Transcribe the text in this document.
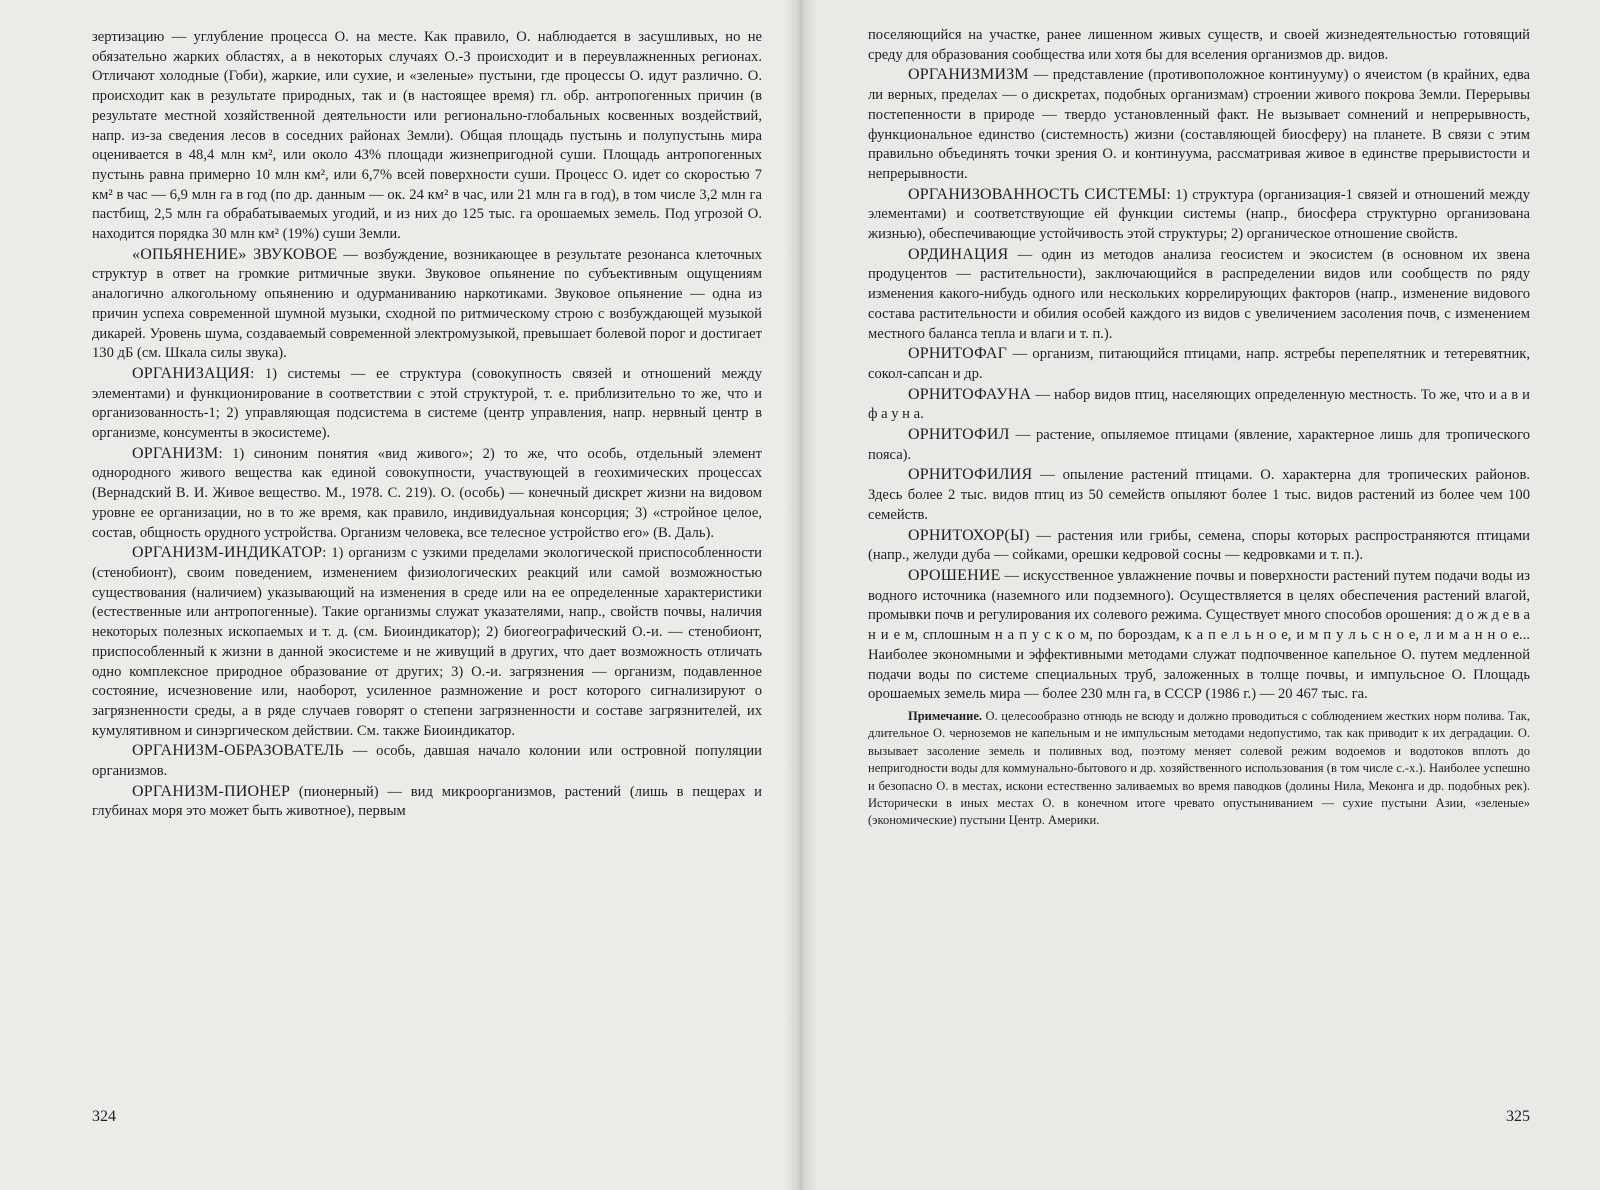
зертизацию — углубление процесса О. на месте. Как правило, О. наблюдается в засушливых, но не обязательно жарких областях, а в некоторых случаях О.-З происходит и в переувлажненных регионах. Отличают холодные (Гоби), жаркие, или сухие, и «зеленые» пустыни, где процессы О. идут различно. О. происходит как в результате природных, так и (в настоящее время) гл. обр. антропогенных причин (в результате местной хозяйственной деятельности или регионально-глобальных косвенных воздействий, напр. из-за сведения лесов в соседних районах Земли). Общая площадь пустынь и полупустынь мира оценивается в 48,4 млн км², или около 43% площади жизнепригодной суши. Площадь антропогенных пустынь равна примерно 10 млн км², или 6,7% всей поверхности суши. Процесс О. идет со скоростью 7 км² в час — 6,9 млн га в год (по др. данным — ок. 24 км² в час, или 21 млн га в год), в том числе 3,2 млн га пастбищ, 2,5 млн га обрабатываемых угодий, и из них до 125 тыс. га орошаемых земель. Под угрозой О. находится порядка 30 млн км² (19%) суши Земли.

«ОПЬЯНЕНИЕ» ЗВУКОВОЕ — возбуждение, возникающее в результате резонанса клеточных структур в ответ на громкие ритмичные звуки. Звуковое опьянение по субъективным ощущениям аналогично алкогольному опьянению и одурманиванию наркотиками. Звуковое опьянение — одна из причин успеха современной шумной музыки, сходной по ритмическому строю с возбуждающей музыкой дикарей. Уровень шума, создаваемый современной электромузыкой, превышает болевой порог и достигает 130 дБ (см. Шкала силы звука).

ОРГАНИЗАЦИЯ: 1) системы — ее структура (совокупность связей и отношений между элементами) и функционирование в соответствии с этой структурой, т. е. приблизительно то же, что и организованность-1; 2) управляющая подсистема в системе (центр управления, напр. нервный центр в организме, консументы в экосистеме).

ОРГАНИЗМ: 1) синоним понятия «вид живого»; 2) то же, что особь, отдельный элемент однородного живого вещества как единой совокупности, участвующей в геохимических процессах (Вернадский В. И. Живое вещество. М., 1978. С. 219). О. (особь) — конечный дискрет жизни на видовом уровне ее организации, но в то же время, как правило, индивидуальная консорция; 3) «стройное целое, состав, общность орудного устройства. Организм человека, все телесное устройство его» (В. Даль).

ОРГАНИЗМ-ИНДИКАТОР: 1) организм с узкими пределами экологической приспособленности (стенобионт), своим поведением, изменением физиологических реакций или самой возможностью существования (наличием) указывающий на изменения в среде или на ее определенные характеристики (естественные или антропогенные). Такие организмы служат указателями, напр., свойств почвы, наличия некоторых полезных ископаемых и т. д. (см. Биоиндикатор); 2) биогеографический О.-и. — стенобионт, приспособленный к жизни в данной экосистеме и не живущий в других, что дает возможность отличать одно комплексное природное образование от других; 3) О.-и. загрязнения — организм, подавленное состояние, исчезновение или, наоборот, усиленное размножение и рост которого сигнализируют о загрязненности среды, а в ряде случаев говорят о степени загрязненности и составе загрязнителей, их кумулятивном и синэргическом действии. См. также Биоиндикатор.

ОРГАНИЗМ-ОБРАЗОВАТЕЛЬ — особь, давшая начало колонии или островной популяции организмов.

ОРГАНИЗМ-ПИОНЕР (пионерный) — вид микроорганизмов, растений (лишь в пещерах и глубинах моря это может быть животное), первым

324

поселяющийся на участке, ранее лишенном живых существ, и своей жизнедеятельностью готовящий среду для образования сообщества или хотя бы для вселения организмов др. видов.

ОРГАНИЗМИЗМ — представление (противоположное континууму) о ячеистом (в крайних, едва ли верных, пределах — о дискретах, подобных организмам) строении живого покрова Земли. Перерывы постепенности в природе — твердо установленный факт. Не вызывает сомнений и непрерывность, функциональное единство (системность) жизни (составляющей биосферу) на планете. В связи с этим правильно объединять точки зрения О. и континуума, рассматривая живое в единстве прерывистости и непрерывности.

ОРГАНИЗОВАННОСТЬ СИСТЕМЫ: 1) структура (организация-1 связей и отношений между элементами) и соответствующие ей функции системы (напр., биосфера структурно организована жизнью), обеспечивающие устойчивость этой структуры; 2) органическое отношение свойств.

ОРДИНАЦИЯ — один из методов анализа геосистем и экосистем (в основном их звена продуцентов — растительности), заключающийся в распределении видов или сообществ по ряду изменения какого-нибудь одного или нескольких коррелирующих факторов (напр., изменение видового состава растительности и обилия особей каждого из видов с увеличением засоления почв, с изменением местного баланса тепла и влаги и т. п.).

ОРНИТОФАГ — организм, питающийся птицами, напр. ястребы перепелятник и тетеревятник, сокол-сапсан и др.

ОРНИТОФАУНА — набор видов птиц, населяющих определенную местность. То же, что и а в и ф а у н а.

ОРНИТОФИЛ — растение, опыляемое птицами (явление, характерное лишь для тропического пояса).

ОРНИТОФИЛИЯ — опыление растений птицами. О. характерна для тропических районов. Здесь более 2 тыс. видов птиц из 50 семейств опыляют более 1 тыс. видов растений из более чем 100 семейств.

ОРНИТОХОР(Ы) — растения или грибы, семена, споры которых распространяются птицами (напр., желуди дуба — сойками, орешки кедровой сосны — кедровками и т. п.).

ОРОШЕНИЕ — искусственное увлажнение почвы и поверхности растений путем подачи воды из водного источника (наземного или подземного). Осуществляется в целях обеспечения растений влагой, промывки почв и регулирования их солевого режима. Существует много способов орошения: д о ж д е в а н и е м, сплошным н а п у с к о м, по бороздам, к а п е л ь н о е, и м п у л ь с н о е, л и м а н н о е... Наиболее экономными и эффективными методами служат подпочвенное капельное О. путем медленной подачи воды по системе специальных труб, заложенных в толще почвы, и импульсное О. Площадь орошаемых земель мира — более 230 млн га, в СССР (1986 г.) — 20 467 тыс. га.

Примечание. О. целесообразно отнюдь не всюду и должно проводиться с соблюдением жестких норм полива. Так, длительное О. черноземов не капельным и не импульсным методами недопустимо, так как приводит к их деградации. О. вызывает засоление земель и поливных вод, поэтому меняет солевой режим водоемов и водотоков вплоть до непригодности воды для коммунально-бытового и др. хозяйственного использования (в том числе с.-х.). Наиболее успешно и безопасно О. в местах, искони естественно заливаемых во время паводков (долины Нила, Меконга и др. подобных рек). Исторически в иных местах О. в конечном итоге чревато опустыниванием — сухие пустыни Азии, «зеленые» (экономические) пустыни Центр. Америки.

325
